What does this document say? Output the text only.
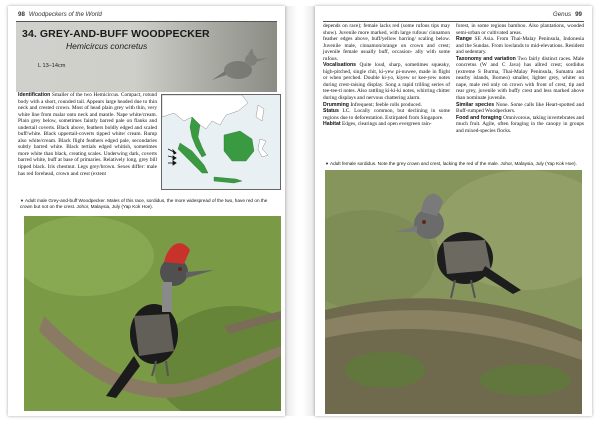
98 Woodpeckers of the World
34. GREY-AND-BUFF WOODPECKER
Hemicircus concretus
L 13–14cm
Identification Smaller of the two Hemicircus. Compact, rotund body with a short, rounded tail. Appears large headed due to thin neck and crested crown. Most of head plain grey with thin, very white line from malar onto neck and mantle. Nape white/cream. Plain grey below, sometimes faintly barred pale on flanks and undertail coverts. Black above, feathers boldly edged and scaled buff/white. Black uppertail-coverts tipped white/ cream. Rump also white/cream. Black flight feathers edged pale, secondaries subtly barred white. Black tertials edged whitish, sometimes more white than black, creating scales. Underwing dark, coverts barred white, buff at base of primaries. Relatively long, grey bill tipped black. Iris chestnut. Legs grey/brown. Sexes differ: male has red forehead, crown and crest (extent
▼Adult male Grey-and-buff Woodpecker. Males of this race, sordidus, the more widespread of the two, have red on the crown but not on the crest. Johor, Malaysia, July (Yap Kok Hoe).
Genus 99
depends on race); female lacks red (some rufous tips may show). Juvenile more marked, with large rufous/ cinnamon feather edges above, buff/yellow barring/ scaling below. Juvenile male, cinnamon/orange on crown and crest; juvenile female usually buff, occasion- ally with some rufous.
Vocalisations Quite loud, sharp, sometimes squeaky, high-pitched, single chit, ki-yew pi-nuwee, made in flight or when perched. Double ki-yo, kiyew or kee-yew notes during crest-raising display. Song a rapid trilling series of tee-tee-ti notes. Also rattling ki-ki-ki notes, whirring chitter during displays and nervous chattering alarm.
Drumming Infrequent; feeble rolls produced.
Status LC. Locally common, but declining in some regions due to deforestation. Extirpated from Singapore.
Habitat Edges, clearings and open evergreen rain-
forest, in some regions bamboo. Also plantations, wooded semi-urban or cultivated areas.
Range SE Asia. From Thai-Malay Peninsula, Indonesia and the Sundas. From lowlands to mid-elevations. Resident and sedentary.
Taxonomy and variation Two fairly distinct races. Male concretus (W and C Java) has allred crest; sordidus (extreme S Burma, Thai-Malay Peninsula, Sumatra and nearby islands, Borneo) smaller, lighter grey, whiter on nape, male red only on crown with front of crest, tip and rear grey, juvenile with buffy crest and less marked above than nominate juvenile.
Similar species None. Some calls like Heart-spotted and Buff-rumped Woodpeckers.
Food and foraging Omnivorous, taking invertebrates and much fruit. Agile, often foraging in the canopy in groups and mixed-species flocks.
▼Adult female sordidus. Note the grey crown and crest, lacking the red of the male. Johor, Malaysia, July (Yap Kok Hoe).
